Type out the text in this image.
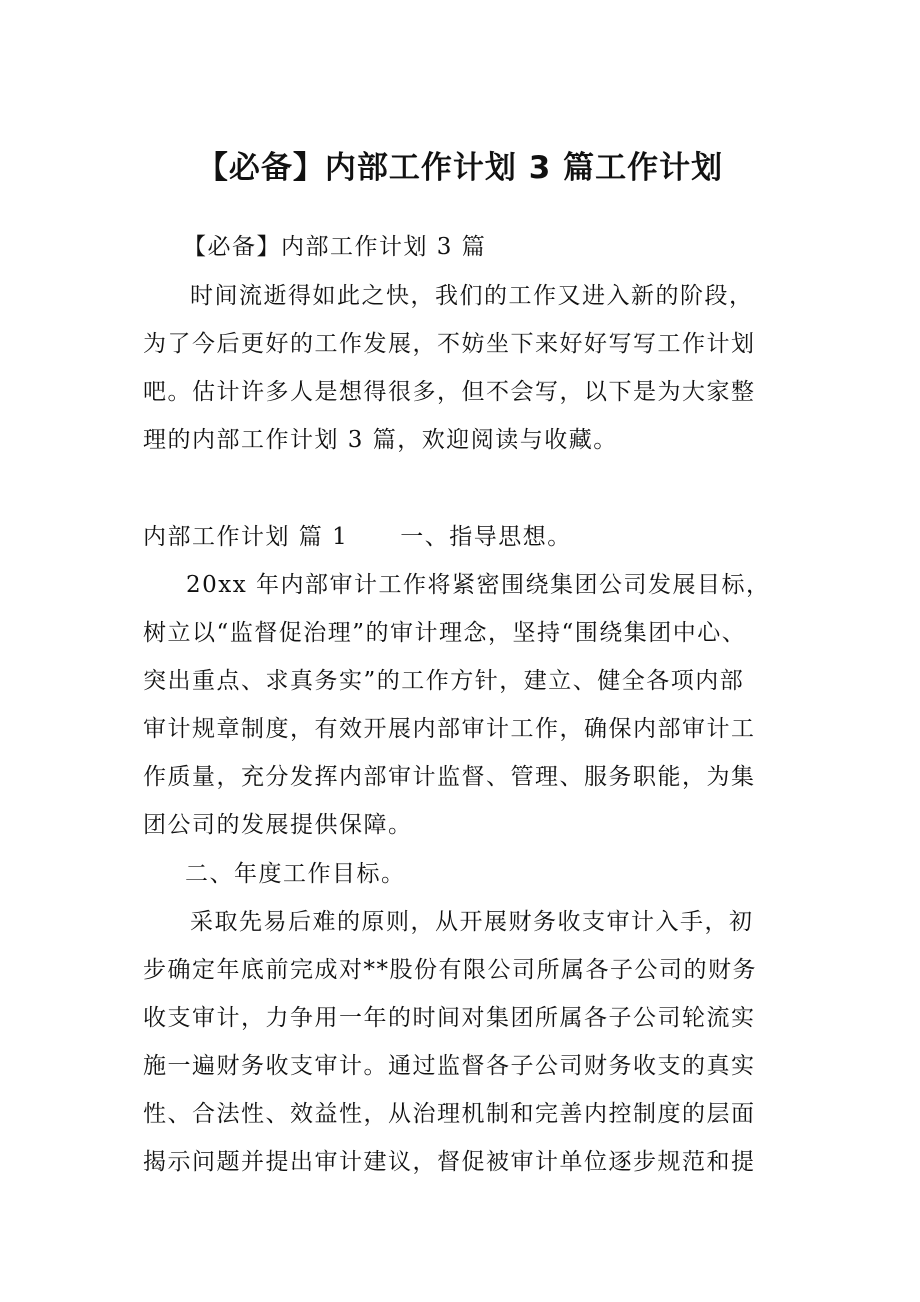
【必备】内部工作计划 3 篇工作计划

【必备】内部工作计划 3 篇

时间流逝得如此之快，我们的工作又进入新的阶段，

为了今后更好的工作发展，不妨坐下来好好写写工作计划

吧。估计许多人是想得很多，但不会写，以下是为大家整

理的内部工作计划 3 篇，欢迎阅读与收藏。

内部工作计划 篇 1 一、指导思想。

20xx 年内部审计工作将紧密围绕集团公司发展目标，

树立以“监督促治理”的审计理念，坚持“围绕集团中心、

突出重点、求真务实”的工作方针，建立、健全各项内部

审计规章制度，有效开展内部审计工作，确保内部审计工

作质量，充分发挥内部审计监督、管理、服务职能，为集

团公司的发展提供保障。

二、年度工作目标。

采取先易后难的原则，从开展财务收支审计入手，初

步确定年底前完成对**股份有限公司所属各子公司的财务

收支审计，力争用一年的时间对集团所属各子公司轮流实

施一遍财务收支审计。通过监督各子公司财务收支的真实

性、合法性、效益性，从治理机制和完善内控制度的层面

揭示问题并提出审计建议，督促被审计单位逐步规范和提
